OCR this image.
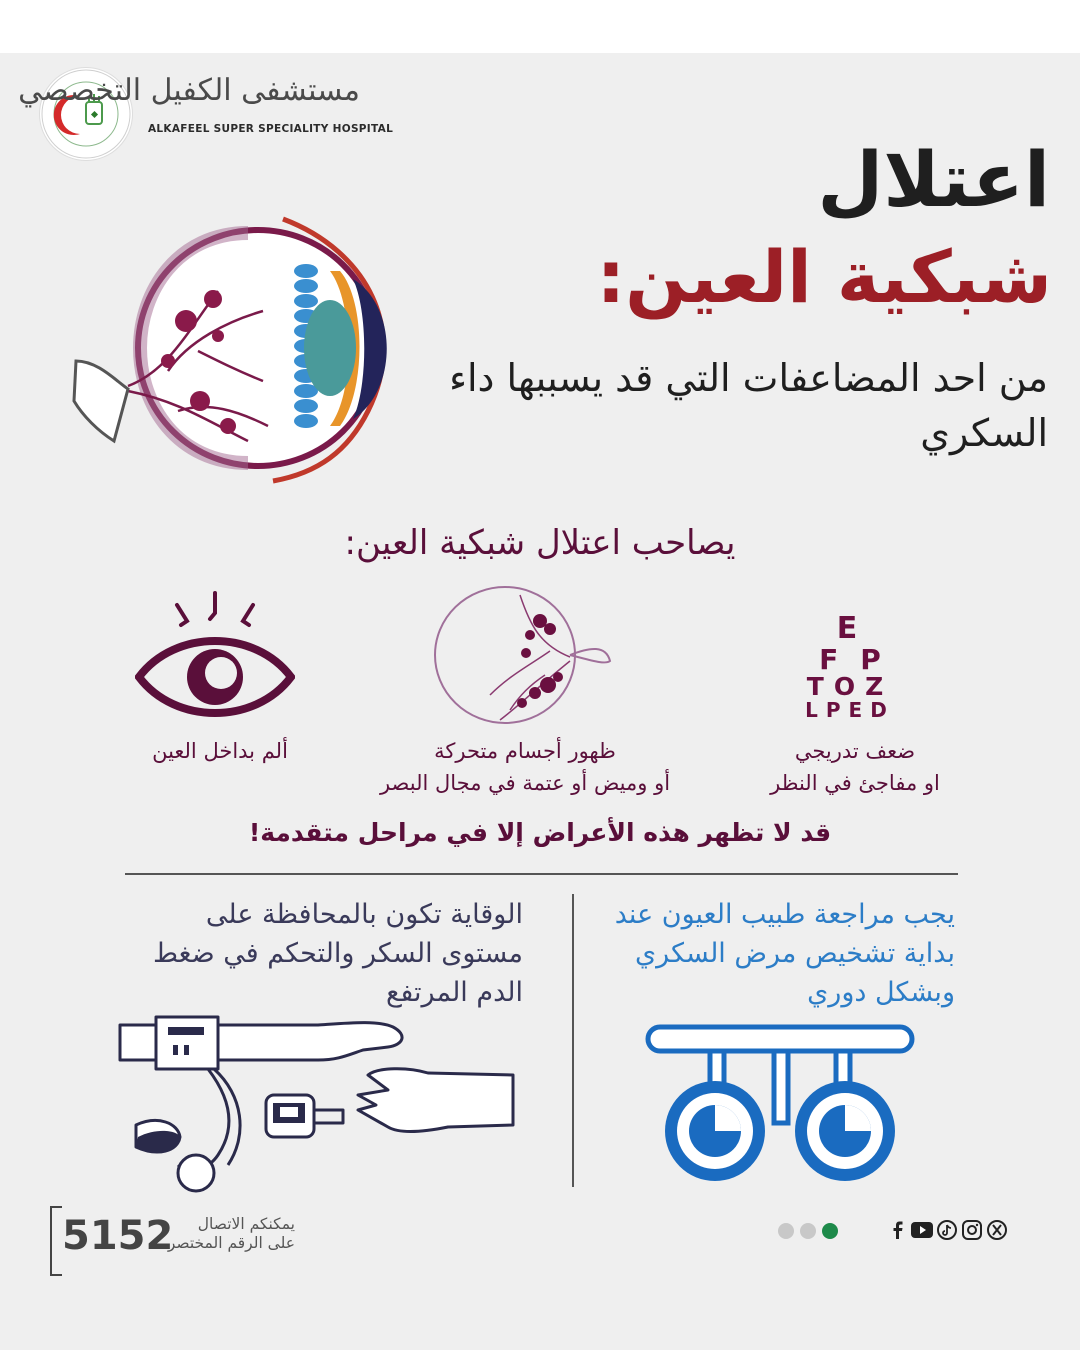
مستشفى الكفيل التخصصي
ALKAFEEL SUPER SPECIALITY HOSPITAL
اعتلال
شبكية العين:
من احد المضاعفات التي قد يسببها داء السكري
يصاحب اعتلال شبكية العين:
E
FP
TOZ
LPED
ألم بداخل العين	ظهور أجسام متحركة
أو وميض أو عتمة في مجال البصر
ضعف تدريجي
او مفاجئ في النظر
قد لا تظهر هذه الأعراض إلا في مراحل متقدمة!
الوقاية تكون بالمحافظة على مستوى السكر والتحكم في ضغط الدم المرتفع
يجب مراجعة طبيب العيون عند بداية تشخيص مرض السكري وبشكل دوري
5152	يمكنكم الاتصال
على الرقم المختصر
